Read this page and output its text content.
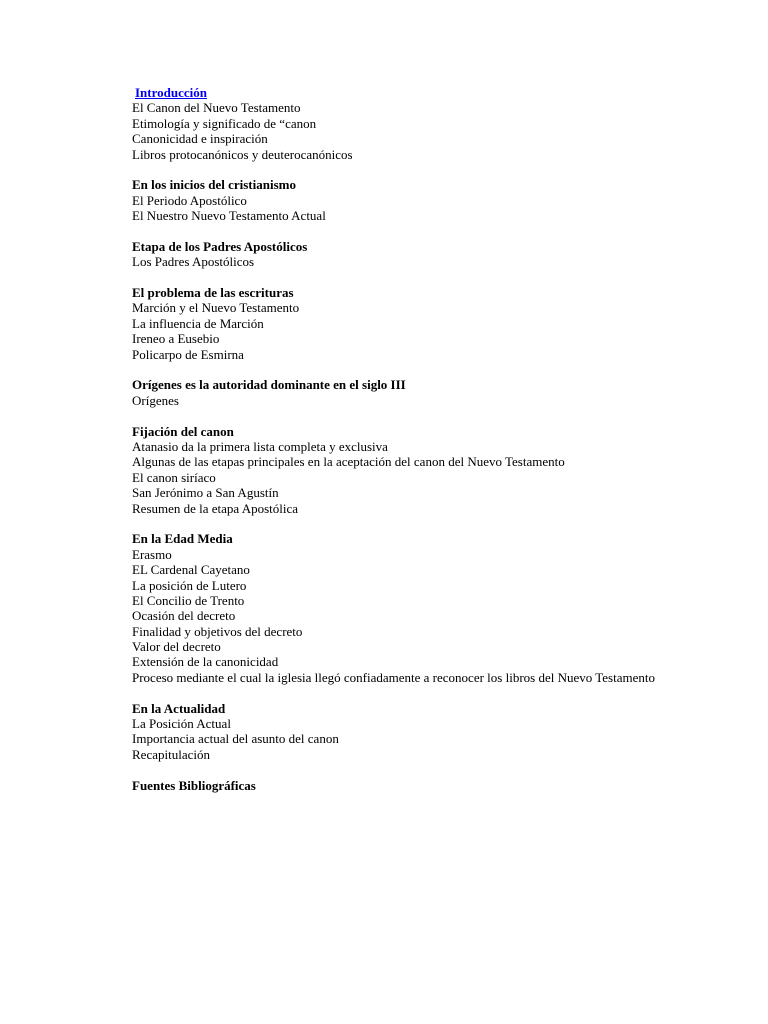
Introducción
El Canon del Nuevo Testamento
Etimología y significado de “canon
Canonicidad e inspiración
Libros protocanónicos y deuterocanónicos
En los inicios del cristianismo
El Periodo Apostólico
El Nuestro Nuevo Testamento Actual
Etapa de los Padres Apostólicos
Los Padres Apostólicos
El problema de las escrituras
Marción y el Nuevo Testamento
La influencia de Marción
Ireneo a Eusebio
Policarpo de Esmirna
Orígenes es la autoridad dominante en el siglo III
Orígenes
Fijación del canon
Atanasio da la primera lista completa y exclusiva
Algunas de las etapas principales en la aceptación del canon del Nuevo Testamento
El canon siríaco
San Jerónimo a San Agustín
Resumen de la etapa Apostólica
En la Edad Media
Erasmo
EL Cardenal Cayetano
La posición de Lutero
El Concilio de Trento
Ocasión del decreto
Finalidad y objetivos del decreto
Valor del decreto
Extensión de la canonicidad
Proceso mediante el cual la iglesia llegó confiadamente a reconocer los libros del Nuevo Testamento
En la Actualidad
La Posición Actual
Importancia actual del asunto del canon
Recapitulación
Fuentes Bibliográficas
